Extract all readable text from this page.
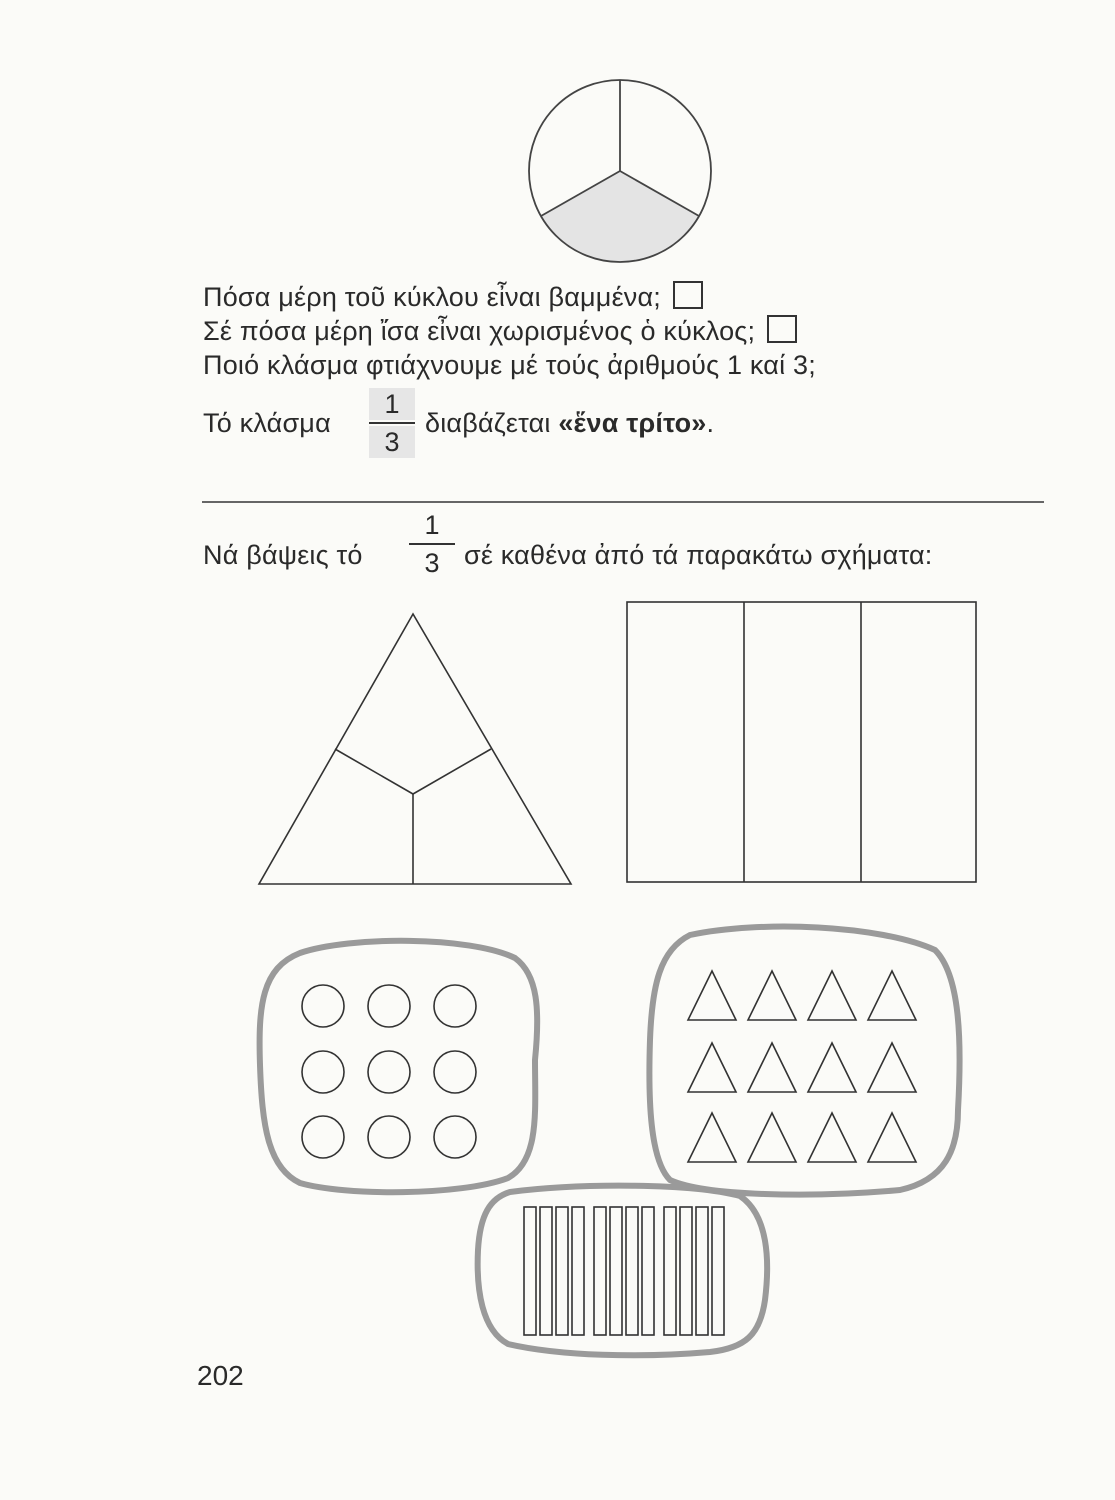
Πόσα μέρη τοῦ κύκλου εἶναι βαμμένα;
Σέ πόσα μέρη ἴσα εἶναι χωρισμένος ὁ κύκλος;
Ποιό κλάσμα φτιάχνουμε μέ τούς ἀριθμούς 1 καί 3;
Τό κλάσμα
1
3
διαβάζεται «ἕνα τρίτο».
Νά βάψεις τό
1
3 σέ καθένα ἀπό τά παρακάτω σχήματα:
202
